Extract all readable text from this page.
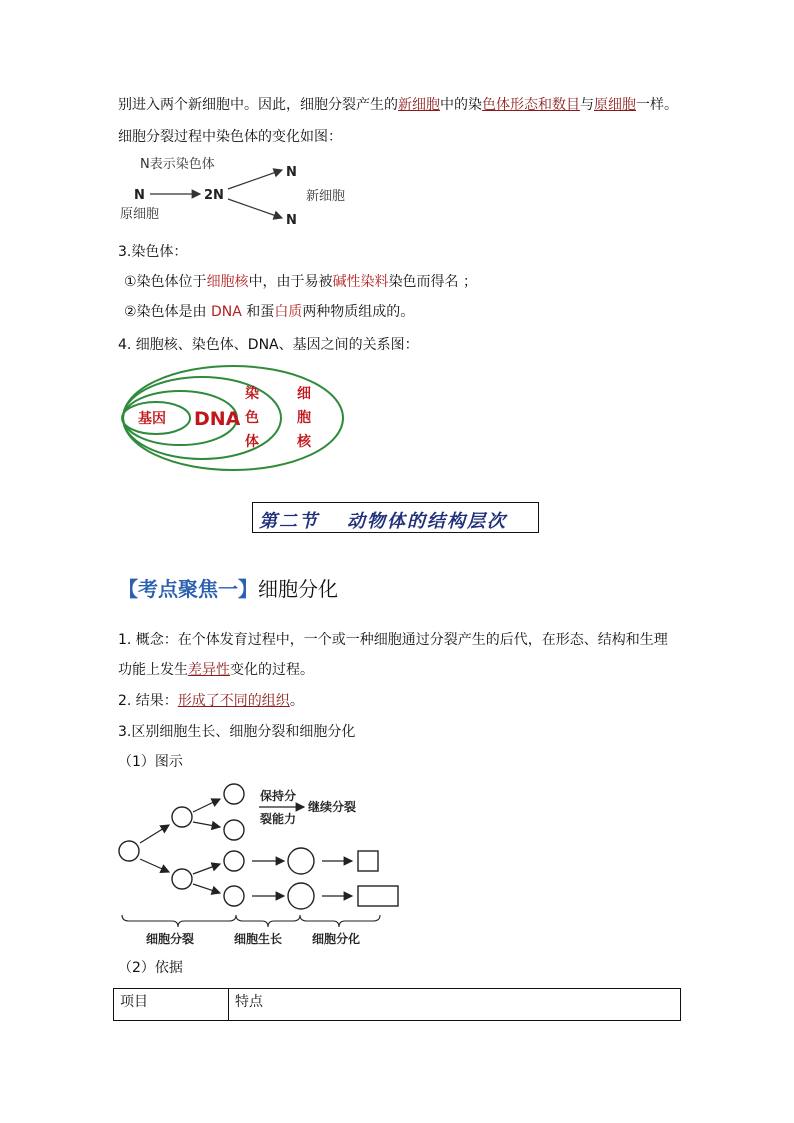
别进入两个新细胞中。因此，细胞分裂产生的新细胞中的染色体形态和数目与原细胞一样。
细胞分裂过程中染色体的变化如图：
N表示染色体
N	2N
N
N
原细胞
新细胞
3.染色体：
①染色体位于细胞核中，由于易被碱性染料染色而得名 ；
②染色体是由 DNA 和蛋白质两种物质组成的。
4. 细胞核、染色体、DNA、基因之间的关系图：
基因 DNA
染
色
体
细
胞
核
第二节 动物体的结构层次
【考点聚焦一】细胞分化
1. 概念：在个体发育过程中，一个或一种细胞通过分裂产生的后代，在形态、结构和生理
功能上发生差异性变化的过程。
2. 结果：形成了不同的组织。
3.区别细胞生长、细胞分裂和细胞分化
（1）图示
保持分
裂能力
继续分裂
细胞分裂	细胞生长 细胞分化
（2）依据
项目	特点
